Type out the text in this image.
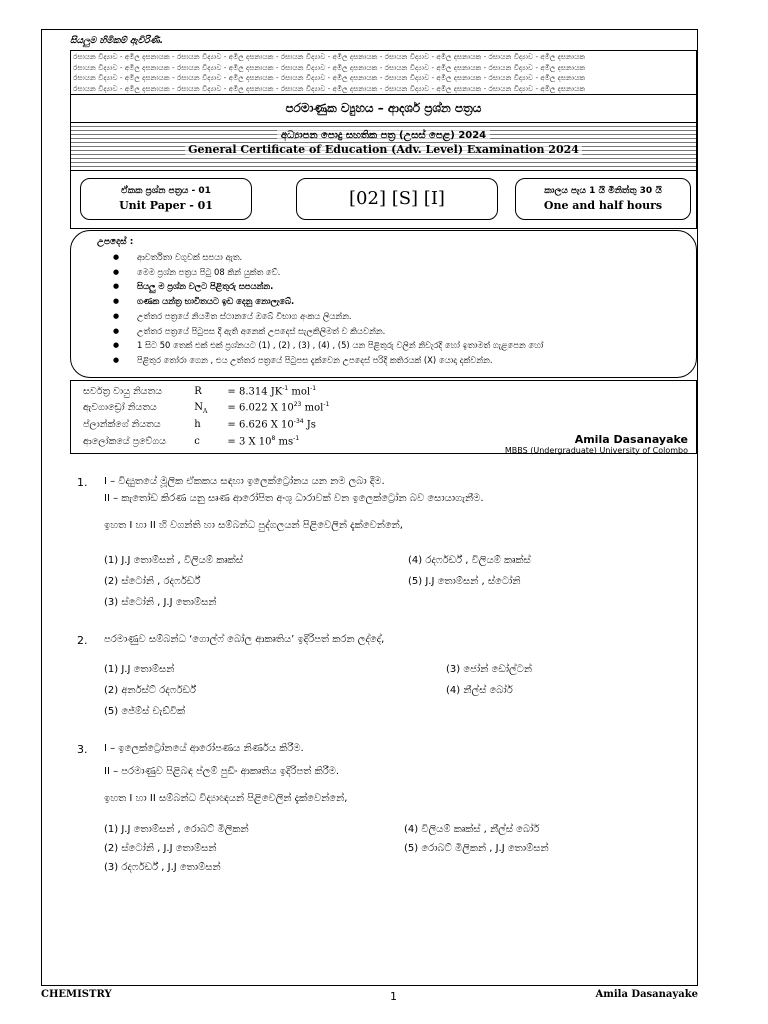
සියලුම හිමිකම් ඇවිරිණි.
රසායන විද්‍යාව - අමිල දසනායක - රසායන විද්‍යාව - අමිල දසනායක - රසායන විද්‍යාව - අමිල දසනායක - රසායන විද්‍යාව - අමිල දසනායක - රසායන විද්‍යාව - අමිල දසනායක
රසායන විද්‍යාව - අමිල දසනායක - රසායන විද්‍යාව - අමිල දසනායක - රසායන විද්‍යාව - අමිල දසනායක - රසායන විද්‍යාව - අමිල දසනායක - රසායන විද්‍යාව - අමිල දසනායක
රසායන විද්‍යාව - අමිල දසනායක - රසායන විද්‍යාව - අමිල දසනායක - රසායන විද්‍යාව - අමිල දසනායක - රසායන විද්‍යාව - අමිල දසනායක - රසායන විද්‍යාව - අමිල දසනායක
රසායන විද්‍යාව - අමිල දසනායක - රසායන විද්‍යාව - අමිල දසනායක - රසායන විද්‍යාව - අමිල දසනායක - රසායන විද්‍යාව - අමිල දසනායක - රසායන විද්‍යාව - අමිල දසනායක
පරමාණුක ව්‍යුහය – ආදර්ශ ප්‍රශ්න පත්‍රය
අධ්‍යාපන පොදු සහතික පත්‍ර (උසස් පෙළ) 2024
General Certificate of Education (Adv. Level) Examination 2024
ඒකක ප්‍රශ්න පත්‍රය - 01
Unit Paper - 01	[02] [S] [I]	කාලය පැය 1 යි මිනිත්තු 30 යි
One and half hours
උපදෙස් :
● ආවර්තිතා වගුවක් සපයා ඇත.
● මෙම ප්‍රශ්න පත්‍රය පිටු 08 කින් යුක්ත වේ.
● සියලු ම ප්‍රශ්න වලට පිළිතුරු සපයන්න.
● ගණක යන්ත්‍ර භාවිතයට ඉඩ දෙනු නොලැබේ.
● උත්තර පත්‍රයේ නියමිත ස්ථානයේ ඔබේ විභාග අංකය ලියන්න.
● උත්තර පත්‍රයේ පිටුපස දී ඇති අනෙක් උපදෙස් සැලකිලිමත් ව කියවන්න.
● 1 සිට 50 තෙක් එක් එක් ප්‍රශ්නයට (1) , (2) , (3) , (4) , (5) යන පිළිතුරු වලින් නිවැරදි හෝ ඉතාමත් ගැළපෙන හෝ
● පිළිතුර තෝරා ගෙන , එය උත්තර පත්‍රයේ පිටුපස දැක්වෙන උපදෙස් පරිදි කතිරයක් (X) යොදා දක්වන්න.
සර්වත්‍ර වායු නියතය	R	= 8.314 $JK^{-1}$ mol$^{-1}$
ඇවගාඩ්‍රෝ නියතය	$N_A = 6.022$ X $10^{23}$ mol$^{-1}$
ප්ලාන්ක්ගේ නියතය	h	= 6.626 X $10^{-34}$ Js
ආලෝකයේ ප්‍රවේගය	c	= 3 X $10^8$ $ms^{-1}$	Amila Dasanayake
MBBS (Undergraduate) University of Colombo
1. I – විද්‍යුතයේ මූලික ඒකකය සඳහා ඉලෙක්ට්‍රෝනය යන නම ලබා දීම.
II – කැතෝඩ කිරණ යනු සෘණ ආරෝපිත අංශු ධාරාවක් වන ඉලෙක්ට්‍රෝන බව සොයාගැනීම.
ඉහත I හා II හි වගන්ති හා සම්බන්ධ පුද්ගලයන් පිළිවෙලින් දැක්වෙන්නේ,
(1) J.J තොම්සන් , විලියම් ක්‍රුක්ස්
(2) ස්ටෝනි , රදර්ෆර්ඩ්
(3) ස්ටෝනි , J.J තොම්සන්
(4) රදර්ෆර්ඩ් , විලියම් ක්‍රුක්ස්
(5) J.J තොම්සන් , ස්ටෝනි
2. පරමාණුව සම්බන්ධ ‘ගොල්ෆ් බෝල ආකෘතිය’ ඉදිරිපත් කරන ලද්දේ,
(1) J.J තොම්සන්
(2) අර්නස්ට් රදර්ෆර්ඩ්
(5) ජේම්ස් චැඩ්වික්
(3) ජෝන් ඩෝල්ටන්
(4) නීල්ස් බෝර්
3. I – ඉලෙක්ට්‍රෝනයේ ආරෝපණය නිර්ණය කිරීම.
II – පරමාණුව පිළිබඳ ප්ලම් පුඩිං ආකෘතිය ඉදිරිපත් කිරීම.
ඉහත I හා II සම්බන්ධ විද්‍යාඥයන් පිළිවෙලින් දැක්වෙන්නේ,
(1) J.J තොම්සන් , රොබට් මිලිකන්
(2) ස්ටෝනි , J.J තොම්සන්
(3) රදර්ෆර්ඩ් , J.J තොම්සන්
(4) විලියම් ක්‍රුක්ස් , නීල්ස් බෝර්
(5) රොබට් මිලිකන් , J.J තොම්සන්
CHEMISTRY	1	Amila Dasanayake
